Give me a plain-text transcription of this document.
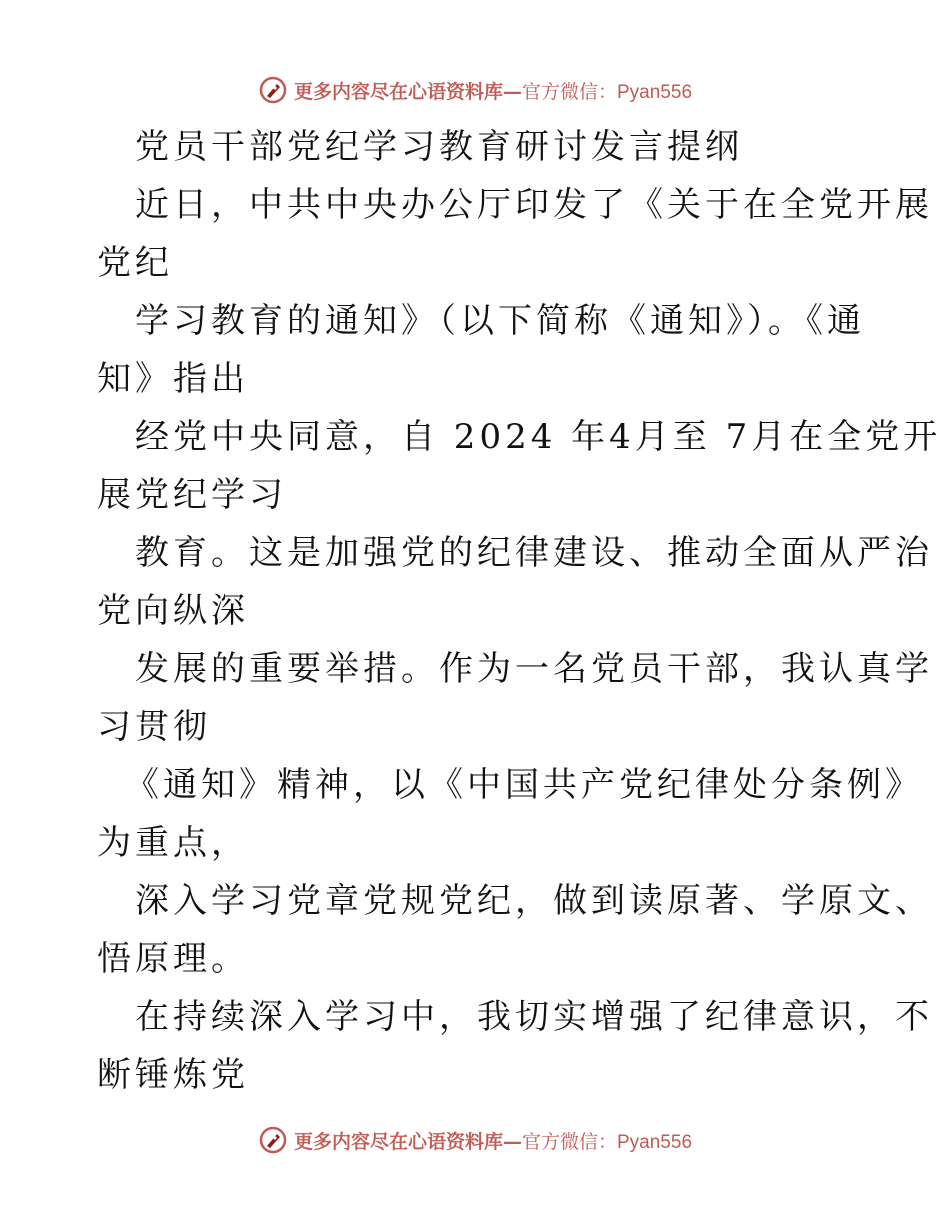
更多内容尽在心语资料库— 官方微信：Pyan556
党员干部党纪学习教育研讨发言提纲
近日，中共中央办公厅印发了《关于在全党开展
党纪
学习教育的通知》（以下简称《通知》）。《通
知》指出
经党中央同意，自 2024 年4月至 7月在全党开
展党纪学习
教育。这是加强党的纪律建设、推动全面从严治
党向纵深
发展的重要举措。作为一名党员干部，我认真学
习贯彻
《通知》精神，以《中国共产党纪律处分条例》
为重点，
深入学习党章党规党纪，做到读原著、学原文、
悟原理。
在持续深入学习中，我切实增强了纪律意识，不
断锤炼党
更多内容尽在心语资料库— 官方微信：Pyan556
